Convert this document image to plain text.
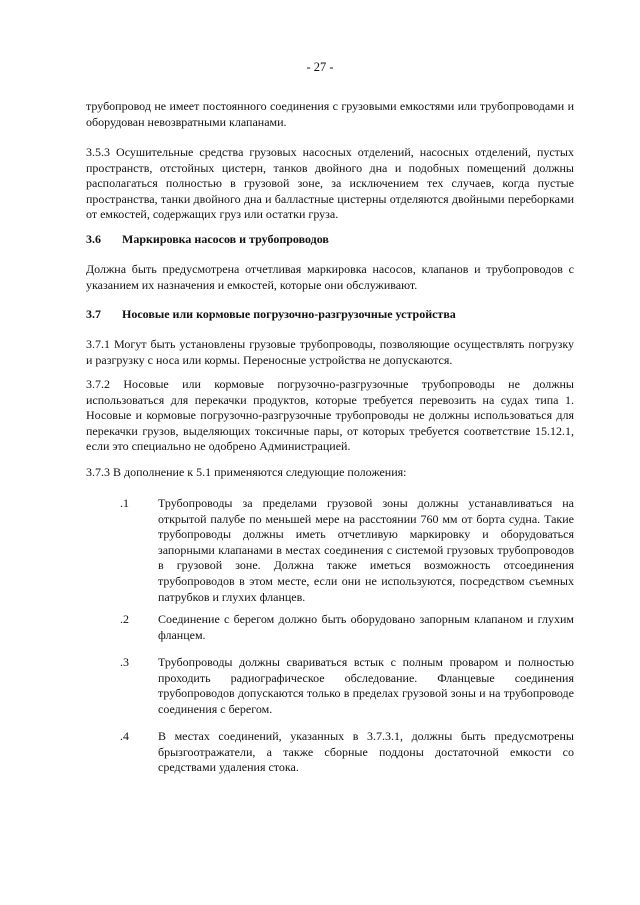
- 27 -
трубопровод не имеет постоянного соединения с грузовыми емкостями или трубопроводами и оборудован невозвратными клапанами.
3.5.3 Осушительные средства грузовых насосных отделений, насосных отделений, пустых пространств, отстойных цистерн, танков двойного дна и подобных помещений должны располагаться полностью в грузовой зоне, за исключением тех случаев, когда пустые пространства, танки двойного дна и балластные цистерны отделяются двойными переборками от емкостей, содержащих груз или остатки груза.
3.6 Маркировка насосов и трубопроводов
Должна быть предусмотрена отчетливая маркировка насосов, клапанов и трубопроводов с указанием их назначения и емкостей, которые они обслуживают.
3.7 Носовые или кормовые погрузочно-разгрузочные устройства
3.7.1 Могут быть установлены грузовые трубопроводы, позволяющие осуществлять погрузку и разгрузку с носа или кормы. Переносные устройства не допускаются.
3.7.2 Носовые или кормовые погрузочно-разгрузочные трубопроводы не должны использоваться для перекачки продуктов, которые требуется перевозить на судах типа 1. Носовые и кормовые погрузочно-разгрузочные трубопроводы не должны использоваться для перекачки грузов, выделяющих токсичные пары, от которых требуется соответствие 15.12.1, если это специально не одобрено Администрацией.
3.7.3 В дополнение к 5.1 применяются следующие положения:
.1 Трубопроводы за пределами грузовой зоны должны устанавливаться на открытой палубе по меньшей мере на расстоянии 760 мм от борта судна. Такие трубопроводы должны иметь отчетливую маркировку и оборудоваться запорными клапанами в местах соединения с системой грузовых трубопроводов в грузовой зоне. Должна также иметься возможность отсоединения трубопроводов в этом месте, если они не используются, посредством съемных патрубков и глухих фланцев.
.2 Соединение с берегом должно быть оборудовано запорным клапаном и глухим фланцем.
.3 Трубопроводы должны свариваться встык с полным проваром и полностью проходить радиографическое обследование. Фланцевые соединения трубопроводов допускаются только в пределах грузовой зоны и на трубопроводе соединения с берегом.
.4 В местах соединений, указанных в 3.7.3.1, должны быть предусмотрены брызгоотражатели, а также сборные поддоны достаточной емкости со средствами удаления стока.
